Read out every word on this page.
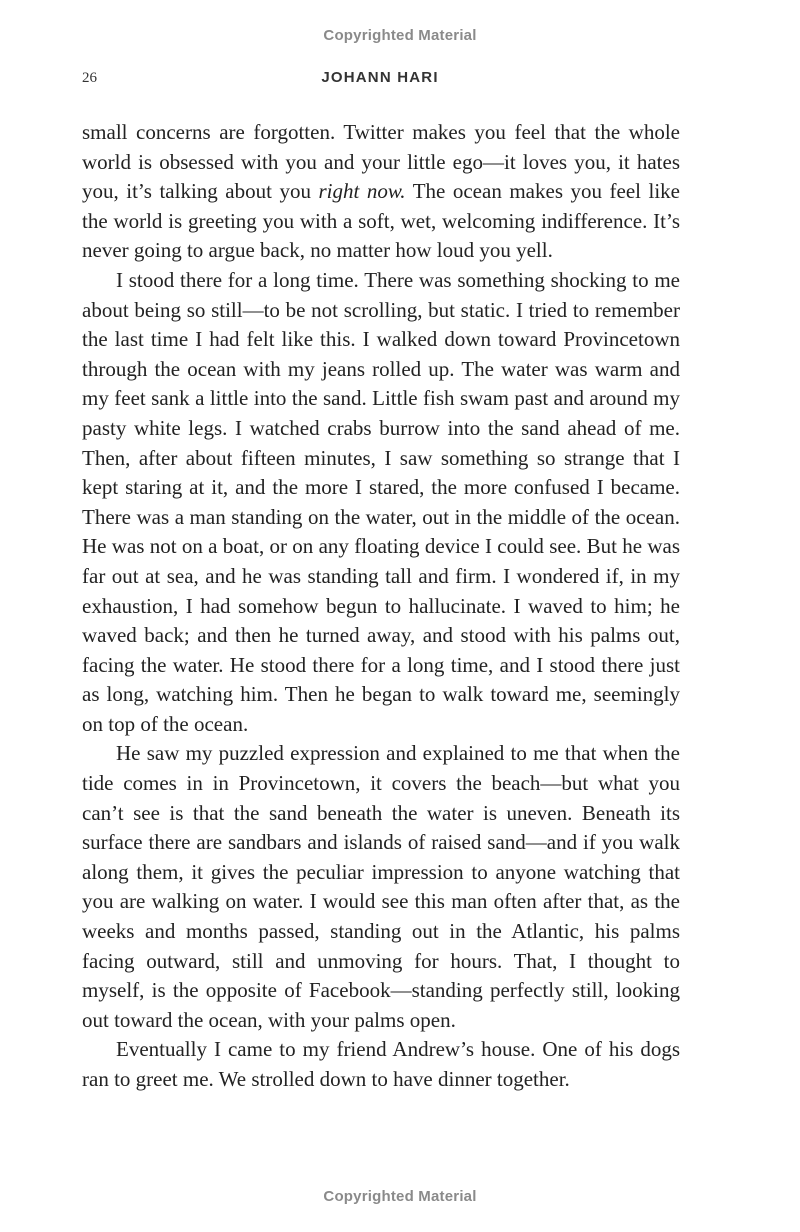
Copyrighted Material
26	JOHANN HARI

small concerns are forgotten. Twitter makes you feel that the whole world is obsessed with you and your little ego—it loves you, it hates you, it’s talking about you right now. The ocean makes you feel like the world is greeting you with a soft, wet, welcoming indifference. It’s never going to argue back, no matter how loud you yell.

I stood there for a long time. There was something shocking to me about being so still—to be not scrolling, but static. I tried to remember the last time I had felt like this. I walked down toward Provincetown through the ocean with my jeans rolled up. The water was warm and my feet sank a little into the sand. Little fish swam past and around my pasty white legs. I watched crabs burrow into the sand ahead of me. Then, after about fifteen minutes, I saw something so strange that I kept staring at it, and the more I stared, the more confused I became. There was a man standing on the water, out in the middle of the ocean. He was not on a boat, or on any floating device I could see. But he was far out at sea, and he was standing tall and firm. I wondered if, in my exhaustion, I had somehow begun to hallucinate. I waved to him; he waved back; and then he turned away, and stood with his palms out, facing the water. He stood there for a long time, and I stood there just as long, watching him. Then he began to walk toward me, seemingly on top of the ocean.

He saw my puzzled expression and explained to me that when the tide comes in in Provincetown, it covers the beach—but what you can’t see is that the sand beneath the water is uneven. Beneath its surface there are sandbars and islands of raised sand—and if you walk along them, it gives the peculiar impression to anyone watching that you are walking on water. I would see this man often after that, as the weeks and months passed, standing out in the Atlantic, his palms facing outward, still and unmoving for hours. That, I thought to myself, is the opposite of Facebook—standing perfectly still, looking out toward the ocean, with your palms open.

Eventually I came to my friend Andrew’s house. One of his dogs ran to greet me. We strolled down to have dinner together.

Copyrighted Material
